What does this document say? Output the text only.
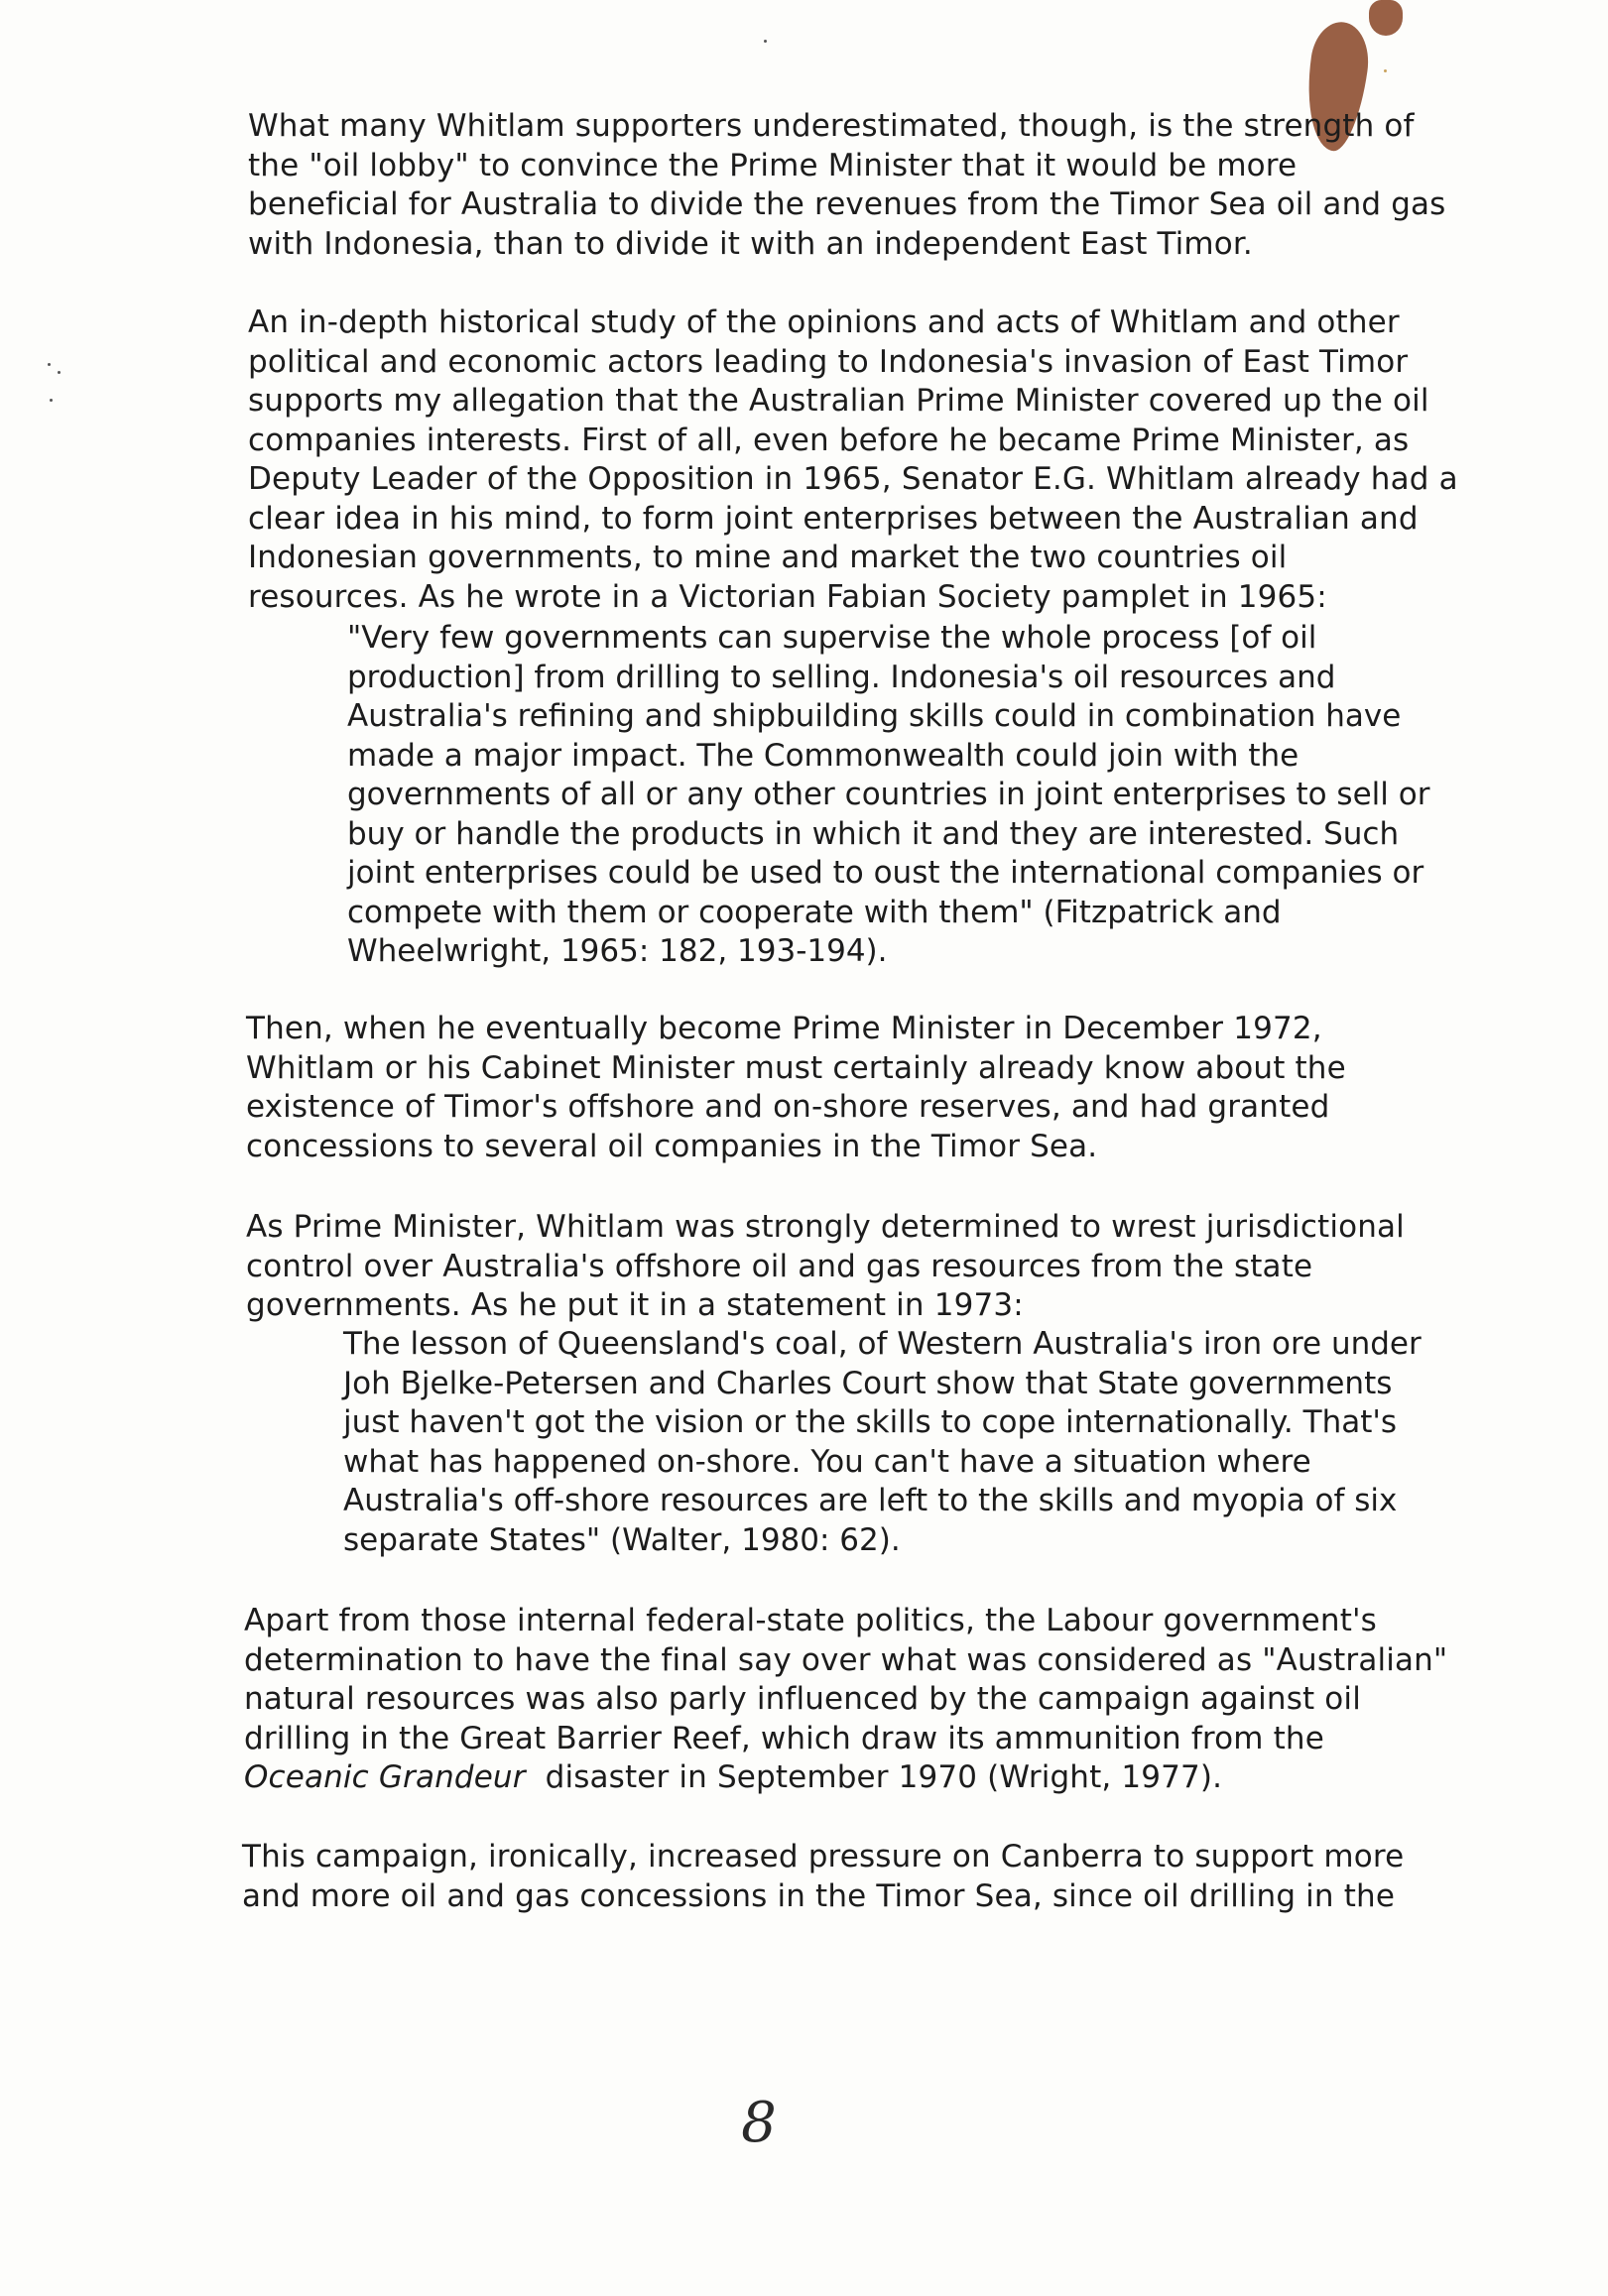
What many Whitlam supporters underestimated, though, is the strength of
the "oil lobby" to convince the Prime Minister that it would be more
beneficial for Australia to divide the revenues from the Timor Sea oil and gas
with Indonesia, than to divide it with an independent East Timor.

An in-depth historical study of the opinions and acts of Whitlam and other
political and economic actors leading to Indonesia's invasion of East Timor
supports my allegation that the Australian Prime Minister covered up the oil
companies interests. First of all, even before he became Prime Minister, as
Deputy Leader of the Opposition in 1965, Senator E.G. Whitlam already had a
clear idea in his mind, to form joint enterprises between the Australian and
Indonesian governments, to mine and market the two countries oil
resources. As he wrote in a Victorian Fabian Society pamplet in 1965:

"Very few governments can supervise the whole process [of oil
production] from drilling to selling. Indonesia's oil resources and
Australia's refining and shipbuilding skills could in combination have
made a major impact. The Commonwealth could join with the
governments of all or any other countries in joint enterprises to sell or
buy or handle the products in which it and they are interested. Such
joint enterprises could be used to oust the international companies or
compete with them or cooperate with them" (Fitzpatrick and
Wheelwright, 1965: 182, 193-194).

Then, when he eventually become Prime Minister in December 1972,
Whitlam or his Cabinet Minister must certainly already know about the
existence of Timor's offshore and on-shore reserves, and had granted
concessions to several oil companies in the Timor Sea.

As Prime Minister, Whitlam was strongly determined to wrest jurisdictional
control over Australia's offshore oil and gas resources from the state
governments. As he put it in a statement in 1973:

The lesson of Queensland's coal, of Western Australia's iron ore under
Joh Bjelke-Petersen and Charles Court show that State governments
just haven't got the vision or the skills to cope internationally. That's
what has happened on-shore. You can't have a situation where
Australia's off-shore resources are left to the skills and myopia of six
separate States" (Walter, 1980: 62).

Apart from those internal federal-state politics, the Labour government's
determination to have the final say over what was considered as "Australian"
natural resources was also parly influenced by the campaign against oil
drilling in the Great Barrier Reef, which draw its ammunition from the
Oceanic Grandeur  disaster in September 1970 (Wright, 1977).

This campaign, ironically, increased pressure on Canberra to support more
and more oil and gas concessions in the Timor Sea, since oil drilling in the

8
